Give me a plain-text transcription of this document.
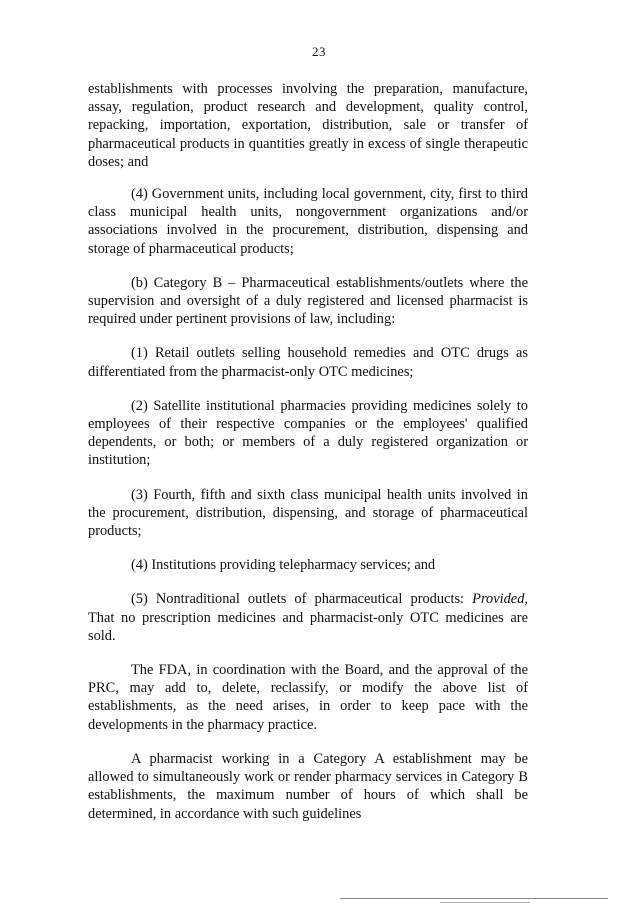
23

establishments with processes involving the preparation, manufacture, assay, regulation, product research and development, quality control, repacking, importation, exportation, distribution, sale or transfer of pharmaceutical products in quantities greatly in excess of single therapeutic doses; and

(4) Government units, including local government, city, first to third class municipal health units, nongovernment organizations and/or associations involved in the procurement, distribution, dispensing and storage of pharmaceutical products;

(b) Category B – Pharmaceutical establishments/outlets where the supervision and oversight of a duly registered and licensed pharmacist is required under pertinent provisions of law, including:

(1) Retail outlets selling household remedies and OTC drugs as differentiated from the pharmacist-only OTC medicines;

(2) Satellite institutional pharmacies providing medicines solely to employees of their respective companies or the employees' qualified dependents, or both; or members of a duly registered organization or institution;

(3) Fourth, fifth and sixth class municipal health units involved in the procurement, distribution, dispensing, and storage of pharmaceutical products;

(4) Institutions providing telepharmacy services; and

(5) Nontraditional outlets of pharmaceutical products: Provided, That no prescription medicines and pharmacist-only OTC medicines are sold.

The FDA, in coordination with the Board, and the approval of the PRC, may add to, delete, reclassify, or modify the above list of establishments, as the need arises, in order to keep pace with the developments in the pharmacy practice.

A pharmacist working in a Category A establishment may be allowed to simultaneously work or render pharmacy services in Category B establishments, the maximum number of hours of which shall be determined, in accordance with such guidelines
